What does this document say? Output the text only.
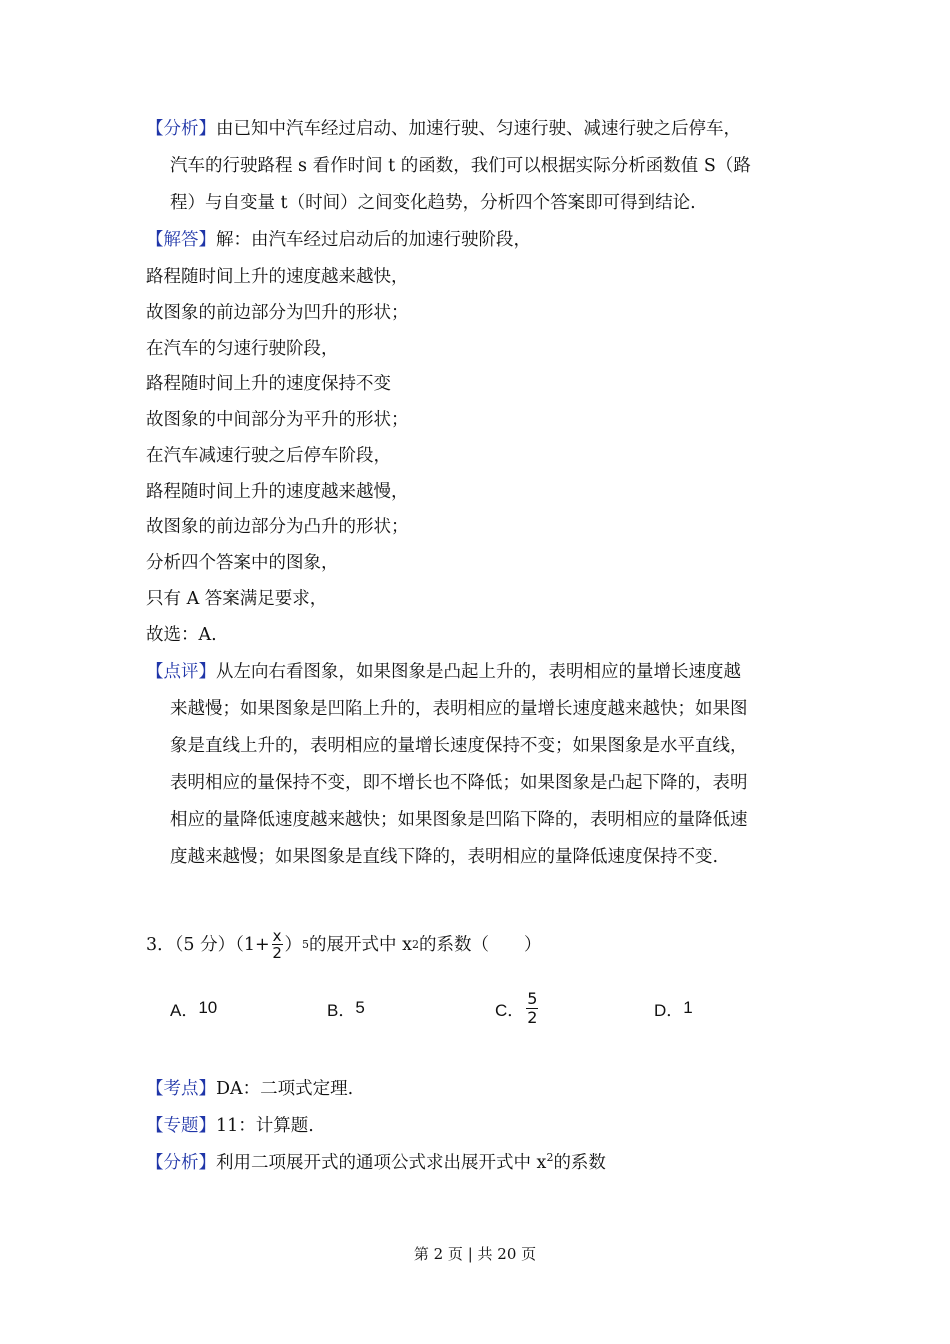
【分析】由已知中汽车经过启动、加速行驶、匀速行驶、减速行驶之后停车，
汽车的行驶路程 s 看作时间 t 的函数，我们可以根据实际分析函数值 S（路
程）与自变量 t（时间）之间变化趋势，分析四个答案即可得到结论.
【解答】解：由汽车经过启动后的加速行驶阶段，
路程随时间上升的速度越来越快，
故图象的前边部分为凹升的形状；
在汽车的匀速行驶阶段，
路程随时间上升的速度保持不变
故图象的中间部分为平升的形状；
在汽车减速行驶之后停车阶段，
路程随时间上升的速度越来越慢，
故图象的前边部分为凸升的形状；
分析四个答案中的图象，
只有 A 答案满足要求，
故选：A.
【点评】从左向右看图象，如果图象是凸起上升的，表明相应的量增长速度越
来越慢；如果图象是凹陷上升的，表明相应的量增长速度越来越快；如果图
象是直线上升的，表明相应的量增长速度保持不变；如果图象是水平直线，
表明相应的量保持不变，即不增长也不降低；如果图象是凸起下降的，表明
相应的量降低速度越来越快；如果图象是凹陷下降的，表明相应的量降低速
度越来越慢；如果图象是直线下降的，表明相应的量降低速度保持不变.
3．（5 分）（$1+ \frac{x}{2}$ ） 5 的展开式中 x 2 的系数（　　）
A． 10	B． 5	C． $\frac{5}{2}$	D． 1
【考点】DA：二项式定理.
【专题】11：计算题.
【分析】利用二项展开式的通项公式求出展开式中 $x^2$的系数
第 2 页 | 共 20 页
